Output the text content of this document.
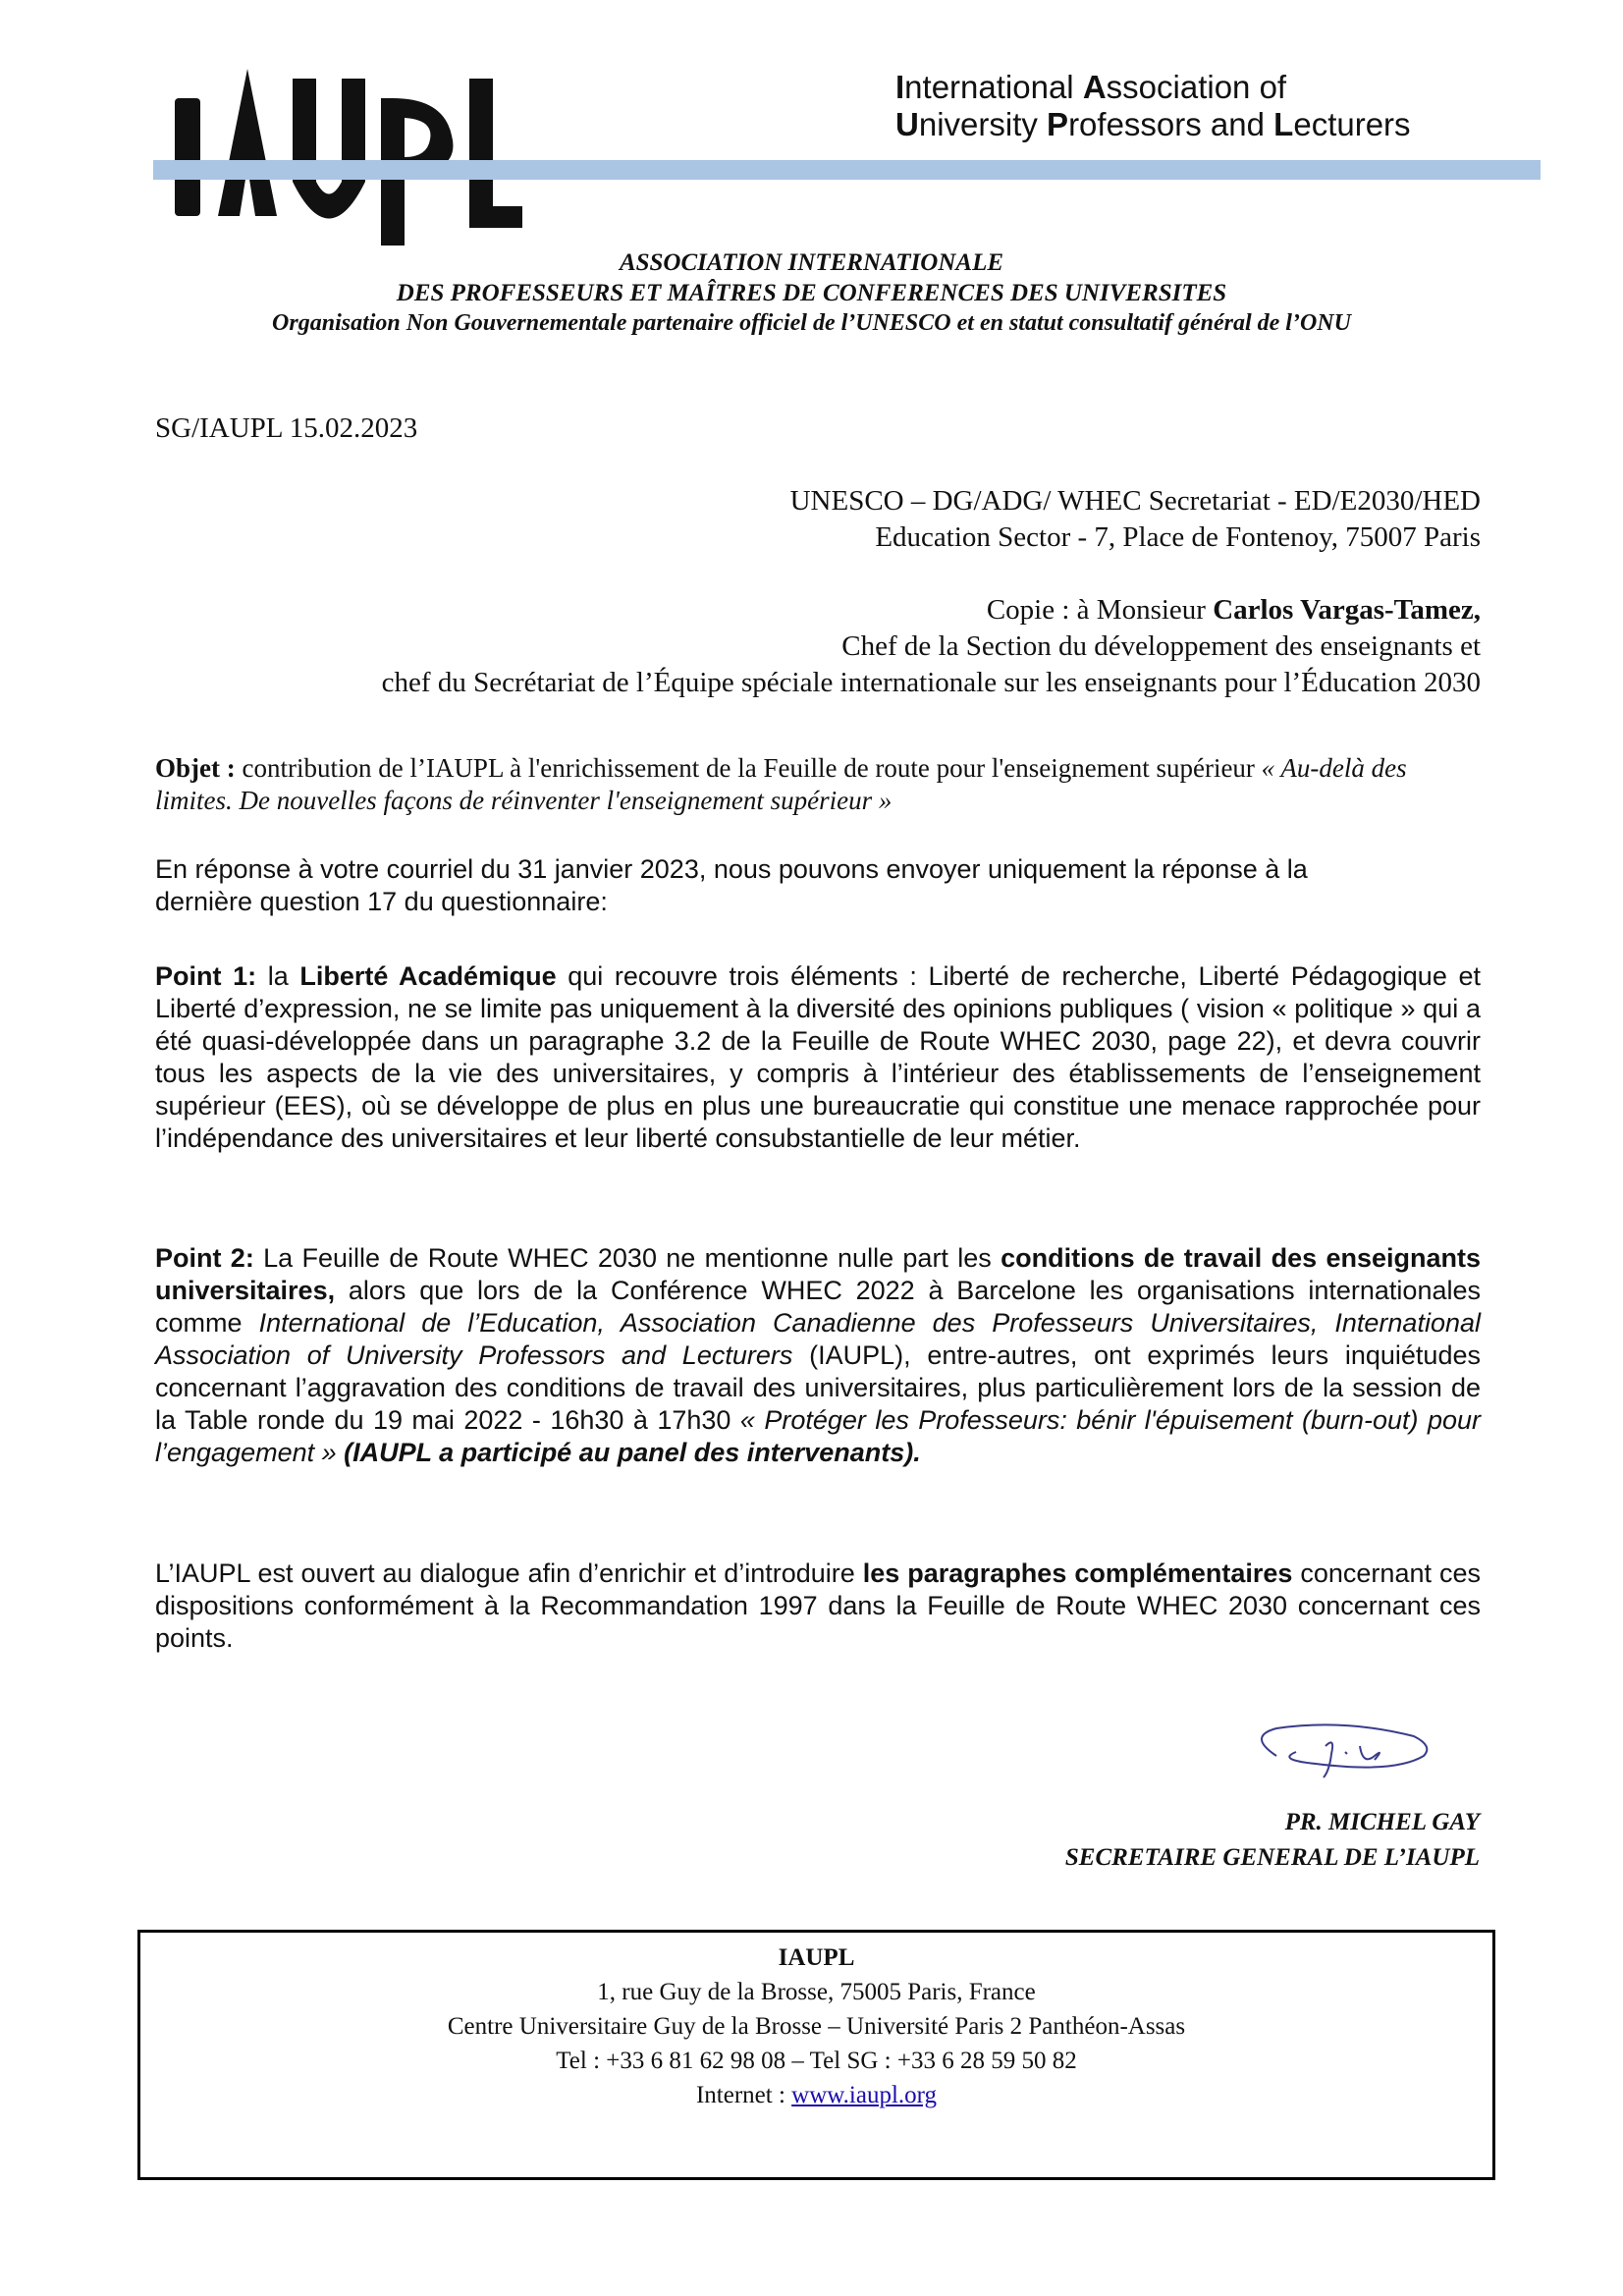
International Association of
University Professors and Lecturers
ASSOCIATION INTERNATIONALE
DES PROFESSEURS ET MAÎTRES DE CONFERENCES DES UNIVERSITES
Organisation Non Gouvernementale partenaire officiel de l’UNESCO et en statut consultatif général de l’ONU
SG/IAUPL 15.02.2023
UNESCO – DG/ADG/ WHEC Secretariat - ED/E2030/HED
Education Sector - 7, Place de Fontenoy, 75007 Paris
Copie : à Monsieur Carlos Vargas-Tamez,
Chef de la Section du développement des enseignants et
chef du Secrétariat de l’Équipe spéciale internationale sur les enseignants pour l’Éducation 2030
Objet : contribution de l’IAUPL à l'enrichissement de la Feuille de route pour l'enseignement supérieur « Au-delà des limites. De nouvelles façons de réinventer l'enseignement supérieur »
En réponse à votre courriel du 31 janvier 2023, nous pouvons envoyer uniquement la réponse à la dernière question 17 du questionnaire:
Point 1: la Liberté Académique qui recouvre trois éléments : Liberté de recherche, Liberté Pédagogique et Liberté d’expression, ne se limite pas uniquement à la diversité des opinions publiques ( vision « politique » qui a été quasi-développée dans un paragraphe 3.2 de la Feuille de Route WHEC 2030, page 22), et devra couvrir tous les aspects de la vie des universitaires, y compris à l’intérieur des établissements de l’enseignement supérieur (EES), où se développe de plus en plus une bureaucratie qui constitue une menace rapprochée pour l’indépendance des universitaires et leur liberté consubstantielle de leur métier.
Point 2: La Feuille de Route WHEC 2030 ne mentionne nulle part les conditions de travail des enseignants universitaires, alors que lors de la Conférence WHEC 2022 à Barcelone les organisations internationales comme International de l’Education, Association Canadienne des Professeurs Universitaires, International Association of University Professors and Lecturers (IAUPL), entre-autres, ont exprimés leurs inquiétudes concernant l’aggravation des conditions de travail des universitaires, plus particulièrement lors de la session de la Table ronde du 19 mai 2022 - 16h30 à 17h30 « Protéger les Professeurs: bénir l'épuisement (burn-out) pour l’engagement » (IAUPL a participé au panel des intervenants).
L’IAUPL est ouvert au dialogue afin d’enrichir et d’introduire les paragraphes complémentaires concernant ces dispositions conformément à la Recommandation 1997 dans la Feuille de Route WHEC 2030 concernant ces points.
PR. MICHEL GAY
SECRETAIRE GENERAL DE L’IAUPL
IAUPL
1, rue Guy de la Brosse, 75005 Paris, France
Centre Universitaire Guy de la Brosse – Université Paris 2 Panthéon-Assas
Tel : +33 6 81 62 98 08 – Tel SG : +33 6 28 59 50 82
Internet : www.iaupl.org
